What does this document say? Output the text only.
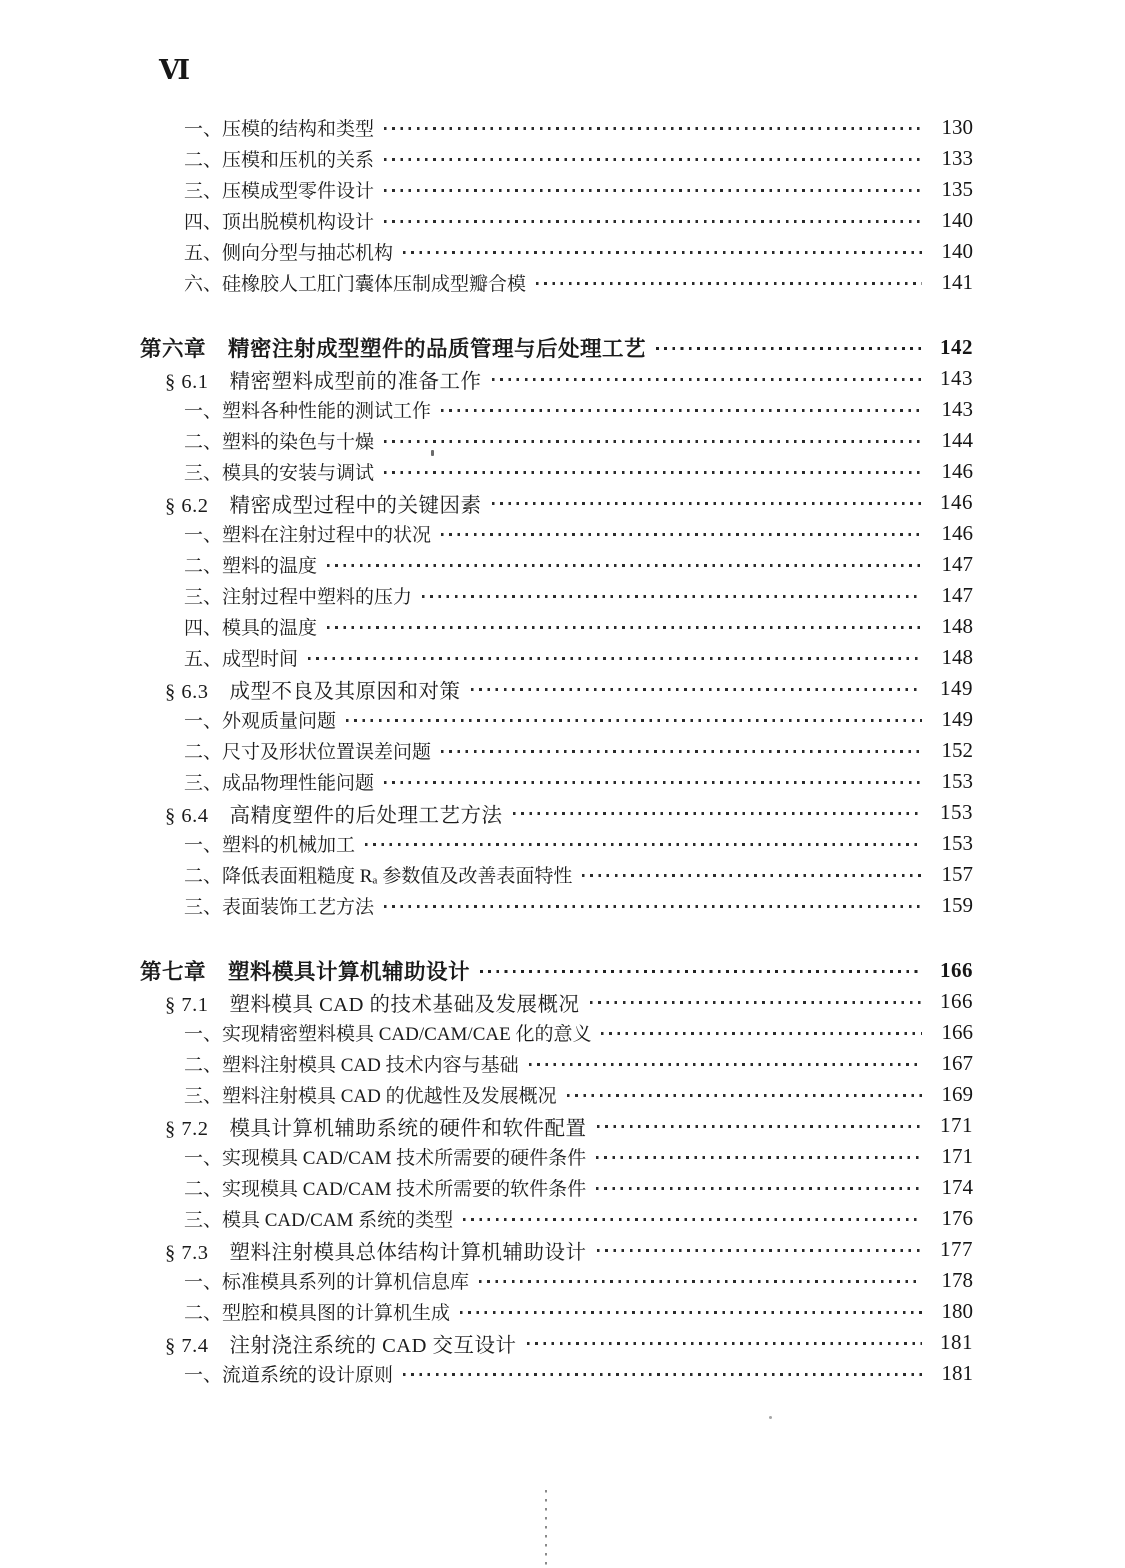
Ⅵ
一、压模的结构和类型	130
二、压模和压机的关系	133
三、压模成型零件设计	135
四、顶出脱模机构设计	140
五、侧向分型与抽芯机构	140
六、硅橡胶人工肛门囊体压制成型瓣合模	141
第六章　精密注射成型塑件的品质管理与后处理工艺	142
§ 6.1　精密塑料成型前的准备工作	143
一、塑料各种性能的测试工作	143
二、塑料的染色与十燥	144
三、模具的安装与调试	146
§ 6.2　精密成型过程中的关键因素	146
一、塑料在注射过程中的状况	146
二、塑料的温度	147
三、注射过程中塑料的压力	147
四、模具的温度	148
五、成型时间	148
§ 6.3　成型不良及其原因和对策	149
一、外观质量问题	149
二、尺寸及形状位置误差问题	152
三、成品物理性能问题	153
§ 6.4　高精度塑件的后处理工艺方法	153
一、塑料的机械加工	153
二、降低表面粗糙度 Rₐ 参数值及改善表面特性	157
三、表面装饰工艺方法	159
第七章　塑料模具计算机辅助设计	166
§ 7.1　塑料模具 CAD 的技术基础及发展概况	166
一、实现精密塑料模具 CAD/CAM/CAE 化的意义	166
二、塑料注射模具 CAD 技术内容与基础	167
三、塑料注射模具 CAD 的优越性及发展概况	169
§ 7.2　模具计算机辅助系统的硬件和软件配置	171
一、实现模具 CAD/CAM 技术所需要的硬件条件	171
二、实现模具 CAD/CAM 技术所需要的软件条件	174
三、模具 CAD/CAM 系统的类型	176
§ 7.3　塑料注射模具总体结构计算机辅助设计	177
一、标准模具系列的计算机信息库	178
二、型腔和模具图的计算机生成	180
§ 7.4　注射浇注系统的 CAD 交互设计	181
一、流道系统的设计原则	181
